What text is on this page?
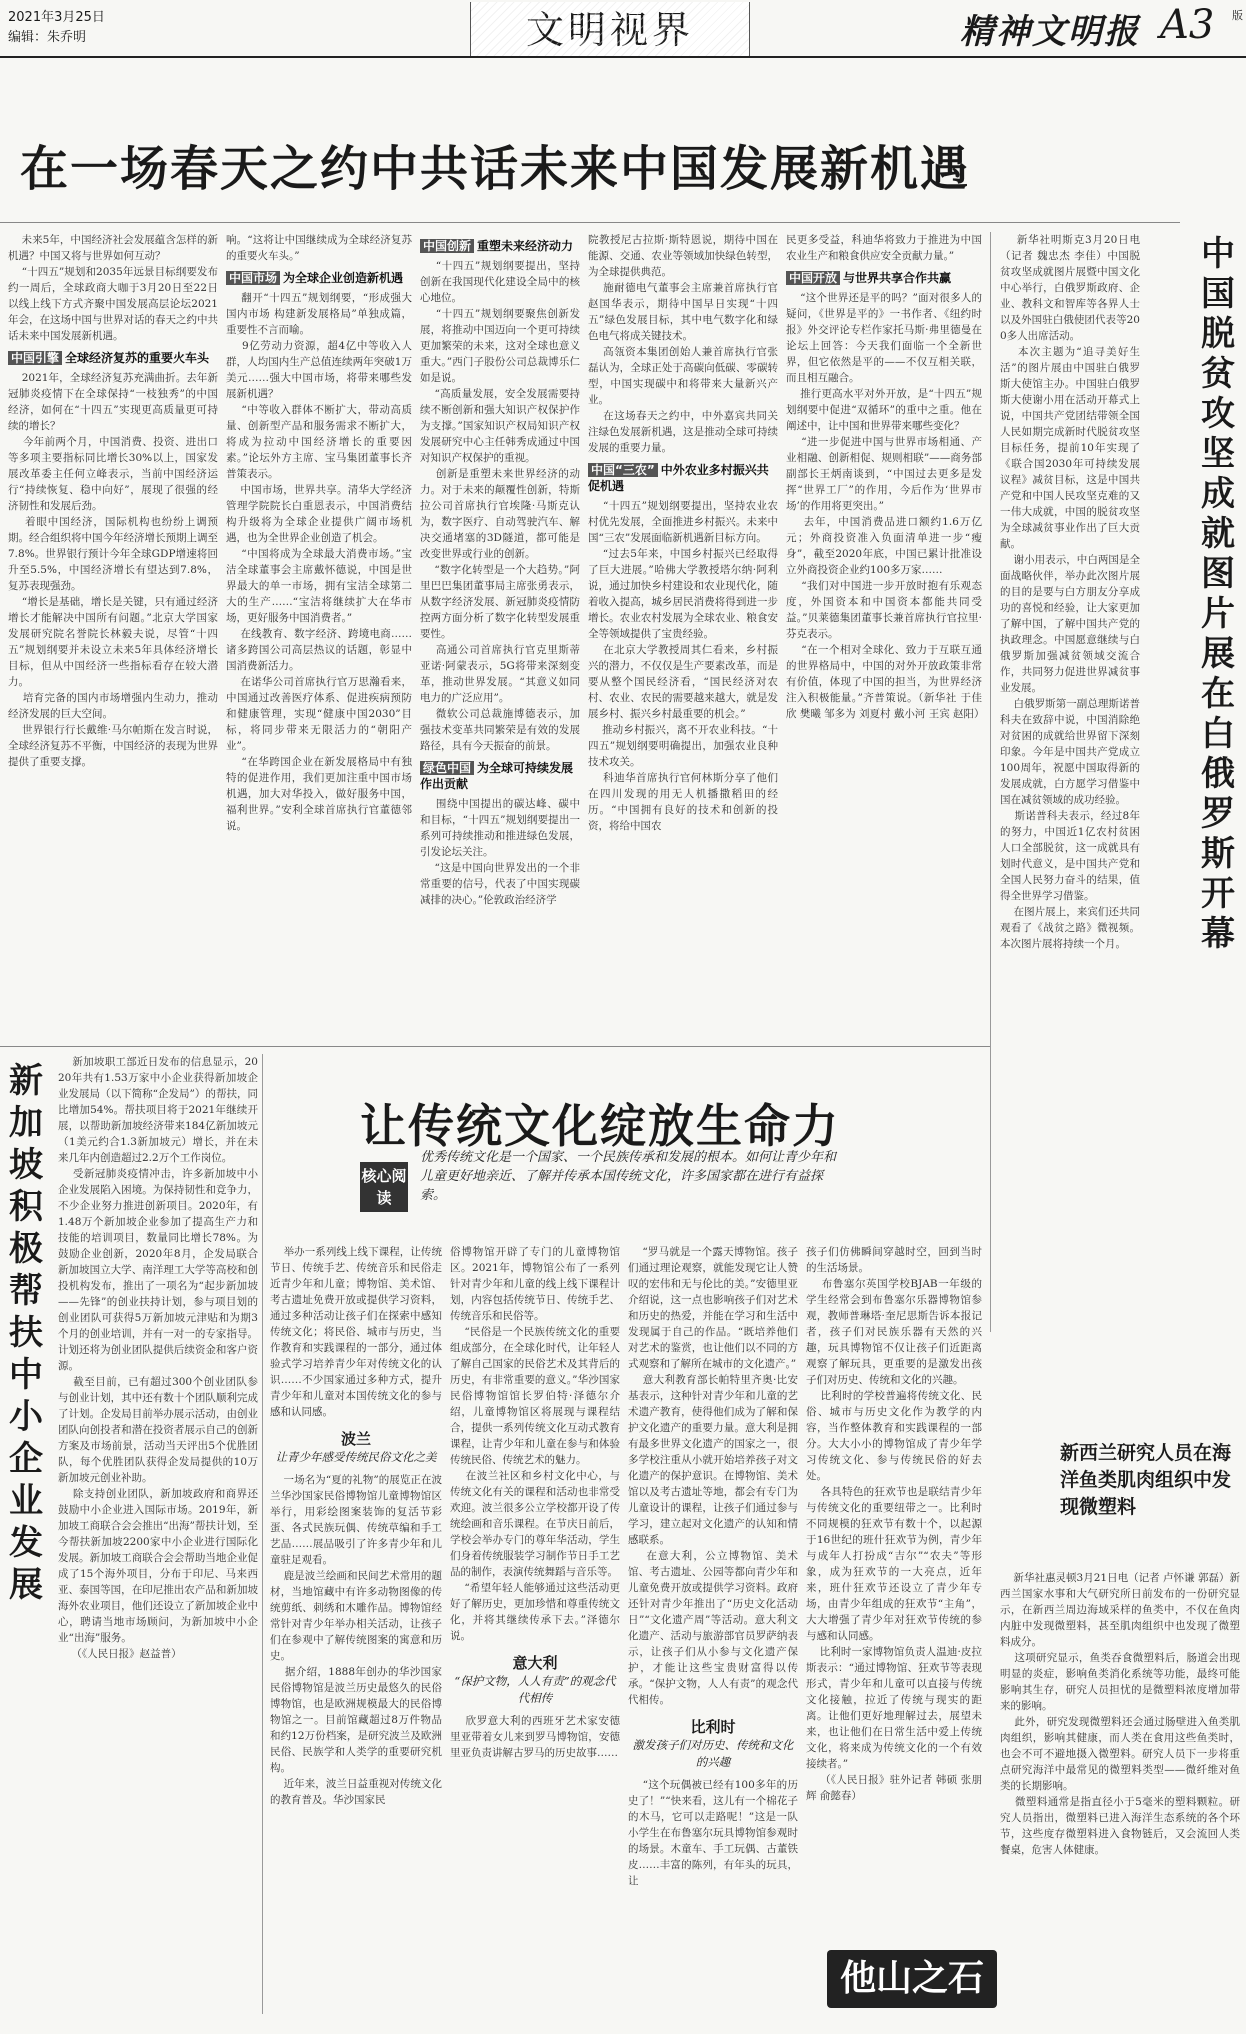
2021年3月25日
编辑：朱乔明	文明视界	精神文明报 A3 版
在一场春天之约中共话未来中国发展新机遇
未来5年，中国经济社会发展蕴含怎样的新机遇？中国又将与世界如何互动？
“十四五”规划和2035年远景目标纲要发布约一周后，全球政商大咖于3月20日至22日以线上线下方式齐聚中国发展高层论坛2021年会，在这场中国与世界对话的春天之约中共话未来中国发展新机遇。
中国引擎 全球经济复苏的重要火车头
2021年，全球经济复苏充满曲折。去年新冠肺炎疫情下在全球保持“一枝独秀”的中国经济，如何在“十四五”实现更高质量更可持续的增长？
今年前两个月，中国消费、投资、进出口等多项主要指标同比增长30%以上，国家发展改革委主任何立峰表示，当前中国经济运行“持续恢复、稳中向好”，展现了很强的经济韧性和发展后劲。
着眼中国经济，国际机构也纷纷上调预期。经合组织将中国今年经济增长预期上调至7.8%。世界银行预计今年全球GDP增速将回升至5.5%，中国经济增长有望达到7.8%，复苏表现强劲。
“增长是基础，增长是关键，只有通过经济增长才能解决中国所有问题。”北京大学国家发展研究院名誉院长林毅夫说，尽管“十四五”规划纲要并未设立未来5年具体经济增长目标，但从中国经济一些指标看存在较大潜力。
培育完备的国内市场增强内生动力，推动经济发展的巨大空间。
世界银行行长戴维·马尔帕斯在发言时说，全球经济复苏不平衡，中国经济的表现为世界提供了重要支撑。
响。“这将让中国继续成为全球经济复苏的重要火车头。”
中国市场 为全球企业创造新机遇
翻开“十四五”规划纲要，“形成强大国内市场 构建新发展格局”单独成篇，重要性不言而喻。
9亿劳动力资源，超4亿中等收入人群，人均国内生产总值连续两年突破1万美元……强大中国市场，将带来哪些发展新机遇？
“中等收入群体不断扩大，带动高质量、创新型产品和服务需求不断扩大，将成为拉动中国经济增长的重要因素。”论坛外方主席、宝马集团董事长齐普策表示。
中国市场，世界共享。清华大学经济管理学院院长白重恩表示，中国消费结构升级将为全球企业提供广阔市场机遇，也为全世界企业创造了机会。
“中国将成为全球最大消费市场。”宝洁全球董事会主席戴怀德说，中国是世界最大的单一市场，拥有宝洁全球第二大的生产……“宝洁将继续扩大在华市场，更好服务中国消费者。”
在线教育、数字经济、跨境电商……诸多跨国公司高层热议的话题，彰显中国消费新活力。
在诺华公司首席执行官万思瀚看来，中国通过改善医疗体系、促进疾病预防和健康管理，实现“健康中国2030”目标，将同步带来无限活力的“朝阳产业”。
“在华跨国企业在新发展格局中有独特的促进作用，我们更加注重中国市场机遇，加大对华投入，做好服务中国，福利世界。”安利全球首席执行官董德邻说。
中国创新 重塑未来经济动力
“十四五”规划纲要提出，坚持创新在我国现代化建设全局中的核心地位。
“十四五”规划纲要聚焦创新发展，将推动中国迈向一个更可持续更加繁荣的未来，这对全球也意义重大。”西门子股份公司总裁博乐仁如是说。
“高质量发展，安全发展需要持续不断创新和强大知识产权保护作为支撑。”国家知识产权局知识产权发展研究中心主任韩秀成通过中国对知识产权保护的重视。
创新是重塑未来世界经济的动力。对于未来的颠覆性创新，特斯拉公司首席执行官埃隆·马斯克认为，数字医疗、自动驾驶汽车、解决交通堵塞的3D隧道，都可能是改变世界或行业的创新。
“数字化转型是一个大趋势。”阿里巴巴集团董事局主席张勇表示，从数字经济发展、新冠肺炎疫情防控两方面分析了数字化转型发展重要性。
高通公司首席执行官克里斯蒂亚诺·阿蒙表示，5G将带来深刻变革，推动世界发展。“其意义如同电力的广泛应用”。
微软公司总裁施博德表示，加强技术变革共同繁荣是有效的发展路径，具有今天振奋的前景。
绿色中国 为全球可持续发展作出贡献
围绕中国提出的碳达峰、碳中和目标，“十四五”规划纲要提出一系列可持续推动和推进绿色发展，引发论坛关注。
“这是中国向世界发出的一个非常重要的信号，代表了中国实现碳减排的决心。”伦敦政治经济学
院教授尼古拉斯·斯特恩说，期待中国在能源、交通、农业等领域加快绿色转型，为全球提供典范。
施耐德电气董事会主席兼首席执行官赵国华表示，期待中国早日实现“十四五”绿色发展目标，其中电气数字化和绿色电气将成关键技术。
高瓴资本集团创始人兼首席执行官张磊认为，全球正处于高碳向低碳、零碳转型，中国实现碳中和将带来大量新兴产业。
在这场春天之约中，中外嘉宾共同关注绿色发展新机遇，这是推动全球可持续发展的重要力量。
中国“三农” 中外农业多村振兴共促机遇
“十四五”规划纲要提出，坚持农业农村优先发展，全面推进乡村振兴。未来中国“三农”发展面临新机遇新目标方向。
“过去5年来，中国乡村振兴已经取得了巨大进展。”哈佛大学教授塔尔纳·阿利说，通过加快乡村建设和农业现代化，随着收入提高，城乡居民消费将得到进一步增长。农业农村发展为全球农业、粮食安全等领域提供了宝贵经验。
在北京大学教授周其仁看来，乡村振兴的潜力，不仅仅是生产要素改革，而是要从整个国民经济看，“国民经济对农村、农业、农民的需要越来越大，就是发展乡村、振兴乡村最重要的机会。”
推动乡村振兴，离不开农业科技。“十四五”规划纲要明确提出，加强农业良种技术攻关。
科迪华首席执行官何林斯分享了他们在四川发现的用无人机播撒稻田的经历。“中国拥有良好的技术和创新的投资，将给中国农
民更多受益，科迪华将致力于推进为中国农业生产和粮食供应安全贡献力量。”
中国开放 与世界共享合作共赢
“这个世界还是平的吗？”面对很多人的疑问，《世界是平的》一书作者、《纽约时报》外交评论专栏作家托马斯·弗里德曼在论坛上回答：今天我们面临一个全新世界，但它依然是平的——不仅互相关联，而且相互融合。
推行更高水平对外开放，是“十四五”规划纲要中促进“双循环”的重中之重。他在阐述中，让中国和世界带来哪些变化？
“进一步促进中国与世界市场相通、产业相融、创新相促、规则相联”——商务部副部长王炳南谈到，“中国过去更多是发挥“世界工厂”的作用，今后作为‘世界市场’的作用将更突出。”
去年，中国消费品进口额约1.6万亿元；外商投资准入负面清单进一步“瘦身”，截至2020年底，中国已累计批准设立外商投资企业约100多万家……
“我们对中国进一步开放时抱有乐观态度，外国资本和中国资本都能共同受益。”贝莱德集团董事长兼首席执行官拉里·芬克表示。
“在一个相对全球化、致力于互联互通的世界格局中，中国的对外开放政策非常有价值，体现了中国的担当，为世界经济注入积极能量。”齐普策说。（新华社 于佳欣 樊曦 邹多为 刘夏村 戴小河 王宾 赵阳）
新华社明斯克3月20日电（记者 魏忠杰 李佳）中国脱贫攻坚成就图片展暨中国文化中心举行，白俄罗斯政府、企业、教科文和智库等各界人士以及外国驻白俄使团代表等200多人出席活动。
本次主题为“追寻美好生活”的图片展由中国驻白俄罗斯大使馆主办。中国驻白俄罗斯大使谢小用在活动开幕式上说，中国共产党团结带领全国人民如期完成新时代脱贫攻坚目标任务，提前10年实现了《联合国2030年可持续发展议程》减贫目标，这是中国共产党和中国人民攻坚克难的又一伟大成就，中国的脱贫攻坚为全球减贫事业作出了巨大贡献。
谢小用表示，中白两国是全面战略伙伴，举办此次图片展的目的是要与白方朋友分享成功的喜悦和经验，让大家更加了解中国，了解中国共产党的执政理念。中国愿意继续与白俄罗斯加强减贫领域交流合作，共同努力促进世界减贫事业发展。
白俄罗斯第一副总理斯诺普科夫在致辞中说，中国消除绝对贫困的成就给世界留下深刻印象。今年是中国共产党成立100周年，祝愿中国取得新的发展成就，白方愿学习借鉴中国在减贫领域的成功经验。
斯诺普科夫表示，经过8年的努力，中国近1亿农村贫困人口全部脱贫，这一成就具有划时代意义，是中国共产党和全国人民努力奋斗的结果，值得全世界学习借鉴。
在图片展上，来宾们还共同观看了《战贫之路》微视频。本次图片展将持续一个月。
中国脱贫攻坚成就图片展在白俄罗斯开幕
新加坡积极帮扶中小企业发展
新加坡职工部近日发布的信息显示，2020年共有1.53万家中小企业获得新加坡企业发展局（以下简称“企发局”）的帮扶，同比增加54%。帮扶项目将于2021年继续开展，以帮助新加坡经济带来184亿新加坡元（1美元约合1.3新加坡元）增长，并在未来几年内创造超过2.2万个工作岗位。
受新冠肺炎疫情冲击，许多新加坡中小企业发展陷入困境。为保持韧性和竞争力，不少企业努力推进创新项目。2020年，有1.48万个新加坡企业参加了提高生产力和技能的培训项目，数量同比增长78%。为鼓励企业创新，2020年8月，企发局联合新加坡国立大学、南洋理工大学等高校和创投机构发布，推出了一项名为“起步新加坡——先锋”的创业扶持计划，参与项目划的创业团队可获得5万新加坡元津贴和为期3个月的创业培训，并有一对一的专家指导。计划还将为创业团队提供后续资金和客户资源。
截至目前，已有超过300个创业团队参与创业计划，其中还有数十个团队顺利完成了计划。企发局目前举办展示活动，由创业团队向创投者和潜在投资者展示自己的创新方案及市场前景，活动当天评出5个优胜团队，每个优胜团队获得企发局提供的10万新加坡元创业补助。
除支持创业团队，新加坡政府和商界还鼓励中小企业进入国际市场。2019年，新加坡工商联合会会推出“出海”帮扶计划，至今帮扶新加坡2200家中小企业进行国际化发展。新加坡工商联合会会帮助当地企业促成了15个海外项目，分布于印尼、马来西亚、泰国等国，在印尼推出农产品和新加坡海外农业项目，他们还设立了新加坡企业中心，聘请当地市场顾问，为新加坡中小企业“出海”服务。
（《人民日报》赵益普）
让传统文化绽放生命力
核心阅读
优秀传统文化是一个国家、一个民族传承和发展的根本。如何让青少年和儿童更好地亲近、了解并传承本国传统文化，许多国家都在进行有益探索。
举办一系列线上线下课程，让传统节日、传统手艺、传统音乐和民俗走近青少年和儿童；博物馆、美术馆、考古遗址免费开放或提供学习资料，通过多种活动让孩子们在探索中感知传统文化；将民俗、城市与历史，当作教育和实践课程的一部分，通过体验式学习培养青少年对传统文化的认识……不少国家通过多种方式，提升青少年和儿童对本国传统文化的参与感和认同感。
波兰
让青少年感受传统民俗文化之美
一场名为“夏的礼物”的展览正在波兰华沙国家民俗博物馆儿童博物馆区举行，用彩绘图案装饰的复活节彩蛋、各式民族玩偶、传统草编和手工艺品……展品吸引了许多青少年和儿童驻足观看。
鹿是波兰绘画和民间艺术常用的题材，当地馆藏中有许多动物图像的传统剪纸、刺绣和木雕作品。博物馆经常针对青少年举办相关活动，让孩子们在参观中了解传统图案的寓意和历史。
据介绍，1888年创办的华沙国家民俗博物馆是波兰历史最悠久的民俗博物馆，也是欧洲规模最大的民俗博物馆之一。目前馆藏超过8万件物品和约12万份档案，是研究波兰及欧洲民俗、民族学和人类学的重要研究机构。
近年来，波兰日益重视对传统文化的教育普及。华沙国家民
俗博物馆开辟了专门的儿童博物馆区。2021年，博物馆公布了一系列针对青少年和儿童的线上线下课程计划，内容包括传统节日、传统手艺、传统音乐和民俗等。
“民俗是一个民族传统文化的重要组成部分，在全球化时代，让年轻人了解自己国家的民俗艺术及其背后的历史，有非常重要的意义。”华沙国家民俗博物馆馆长罗伯特·泽德尔介绍，儿童博物馆区将展现与课程结合，提供一系列传统文化互动式教育课程，让青少年和儿童在参与和体验传统民俗、传统艺术的魅力。
在波兰社区和乡村文化中心，与传统文化有关的课程和活动也非常受欢迎。波兰很多公立学校都开设了传统绘画和音乐课程。在节庆日前后，学校会举办专门的尊年华活动，学生们身着传统服装学习制作节日手工艺品的制作，表演传统舞蹈与音乐等。
“希望年轻人能够通过这些活动更好了解历史，更加珍惜和尊重传统文化，并将其继续传承下去。”泽德尔说。
意大利
“保护文物，人人有责”的观念代代相传
欣罗意大利的西班牙艺术家安德里亚带着女儿来到罗马博物馆，安德里亚负责讲解古罗马的历史故事……
“罗马就是一个露天博物馆。孩子们通过理论观察，就能发现它让人赞叹的宏伟和无与伦比的美。”安德里亚介绍说，这一点也影响孩子们对艺术和历史的热爱，并能在学习和生活中发现属于自己的作品。“既培养他们对艺术的鉴赏，也让他们以不同的方式观察和了解所在城市的文化遗产。”
意大利教育部长帕特里齐奥·比安基表示，这种针对青少年和儿童的艺术遗产教育，使得他们成为了解和保护文化遗产的重要力量。意大利是拥有最多世界文化遗产的国家之一，很多学校注重从小就开始培养孩子对文化遗产的保护意识。在博物馆、美术馆以及考古遗址等地，都会有专门为儿童设计的课程，让孩子们通过参与学习，建立起对文化遗产的认知和情感联系。
在意大利，公立博物馆、美术馆、考古遗址、公园等都向青少年和儿童免费开放或提供学习资料。政府还针对青少年推出了“历史文化活动日”“文化遗产周”等活动。意大利文化遗产、活动与旅游部官员罗萨纳表示，让孩子们从小参与文化遗产保护，才能让这些宝贵财富得以传承。“保护文物，人人有责”的观念代代相传。
比利时
激发孩子们对历史、传统和文化的兴趣
“这个玩偶被已经有100多年的历史了！”“快来看，这儿有一个棉花子的木马，它可以走路呢！”这是一队小学生在布鲁塞尔玩具博物馆参观时的场景。木童车、手工玩偶、古董铁皮……丰富的陈列，有年头的玩具，让
孩子们仿佛瞬间穿越时空，回到当时的生活场景。
布鲁塞尔英国学校BJAB一年级的学生经常会到布鲁塞尔乐器博物馆参观，教师普琳塔·奎尼思斯告诉本报记者，孩子们对民族乐器有天然的兴趣，玩具博物馆不仅让孩子们近距离观察了解玩具，更重要的是激发出孩子们对历史、传统和文化的兴趣。
比利时的学校普遍将传统文化、民俗、城市与历史文化作为教学的内容，当作整体教育和实践课程的一部分。大大小小的博物馆成了青少年学习传统文化、参与传统民俗的好去处。
各具特色的狂欢节也是联结青少年与传统文化的重要纽带之一。比利时不同规模的狂欢节有数十个，以起源于16世纪的班什狂欢节为例，青少年与成年人打扮成“吉尔”“农夫”等形象，成为狂欢节的一大亮点，近年来，班什狂欢节还设立了青少年专场，由青少年组成的狂欢节“主角”，大大增强了青少年对狂欢节传统的参与感和认同感。
比利时一家博物馆负责人温迪·皮拉斯表示：“通过博物馆、狂欢节等表现形式，青少年和儿童可以直接与传统文化接触，拉近了传统与现实的距离。让他们更好地理解过去，展望未来，也让他们在日常生活中爱上传统文化，将来成为传统文化的一个有效接续者。”
（《人民日报》驻外记者 韩硕 张朋辉 俞懿春）
新西兰研究人员在海洋鱼类肌肉组织中发现微塑料
新华社惠灵顿3月21日电（记者 卢怀谦 郭磊）新西兰国家水事和大气研究所日前发布的一份研究显示，在新西兰周边海域采样的鱼类中，不仅在鱼肉内脏中发现微塑料，甚至肌肉组织中也发现了微塑料成分。
这项研究显示，鱼类吞食微塑料后，肠道会出现明显的炎症，影响鱼类消化系统等功能，最终可能影响其生存，研究人员担忧的是微塑料浓度增加带来的影响。
此外，研究发现微塑料还会通过肠壁进入鱼类肌肉组织，影响其健康，而人类在食用这些鱼类时，也会不可不避地摄入微塑料。研究人员下一步将重点研究海洋中最常见的微塑料类型——微纤维对鱼类的长期影响。
微塑料通常是指直径小于5毫米的塑料颗粒。研究人员指出，微塑料已进入海洋生态系统的各个环节，这些度存微塑料进入食物链后，又会流回人类餐桌，危害人体健康。
他山之石
